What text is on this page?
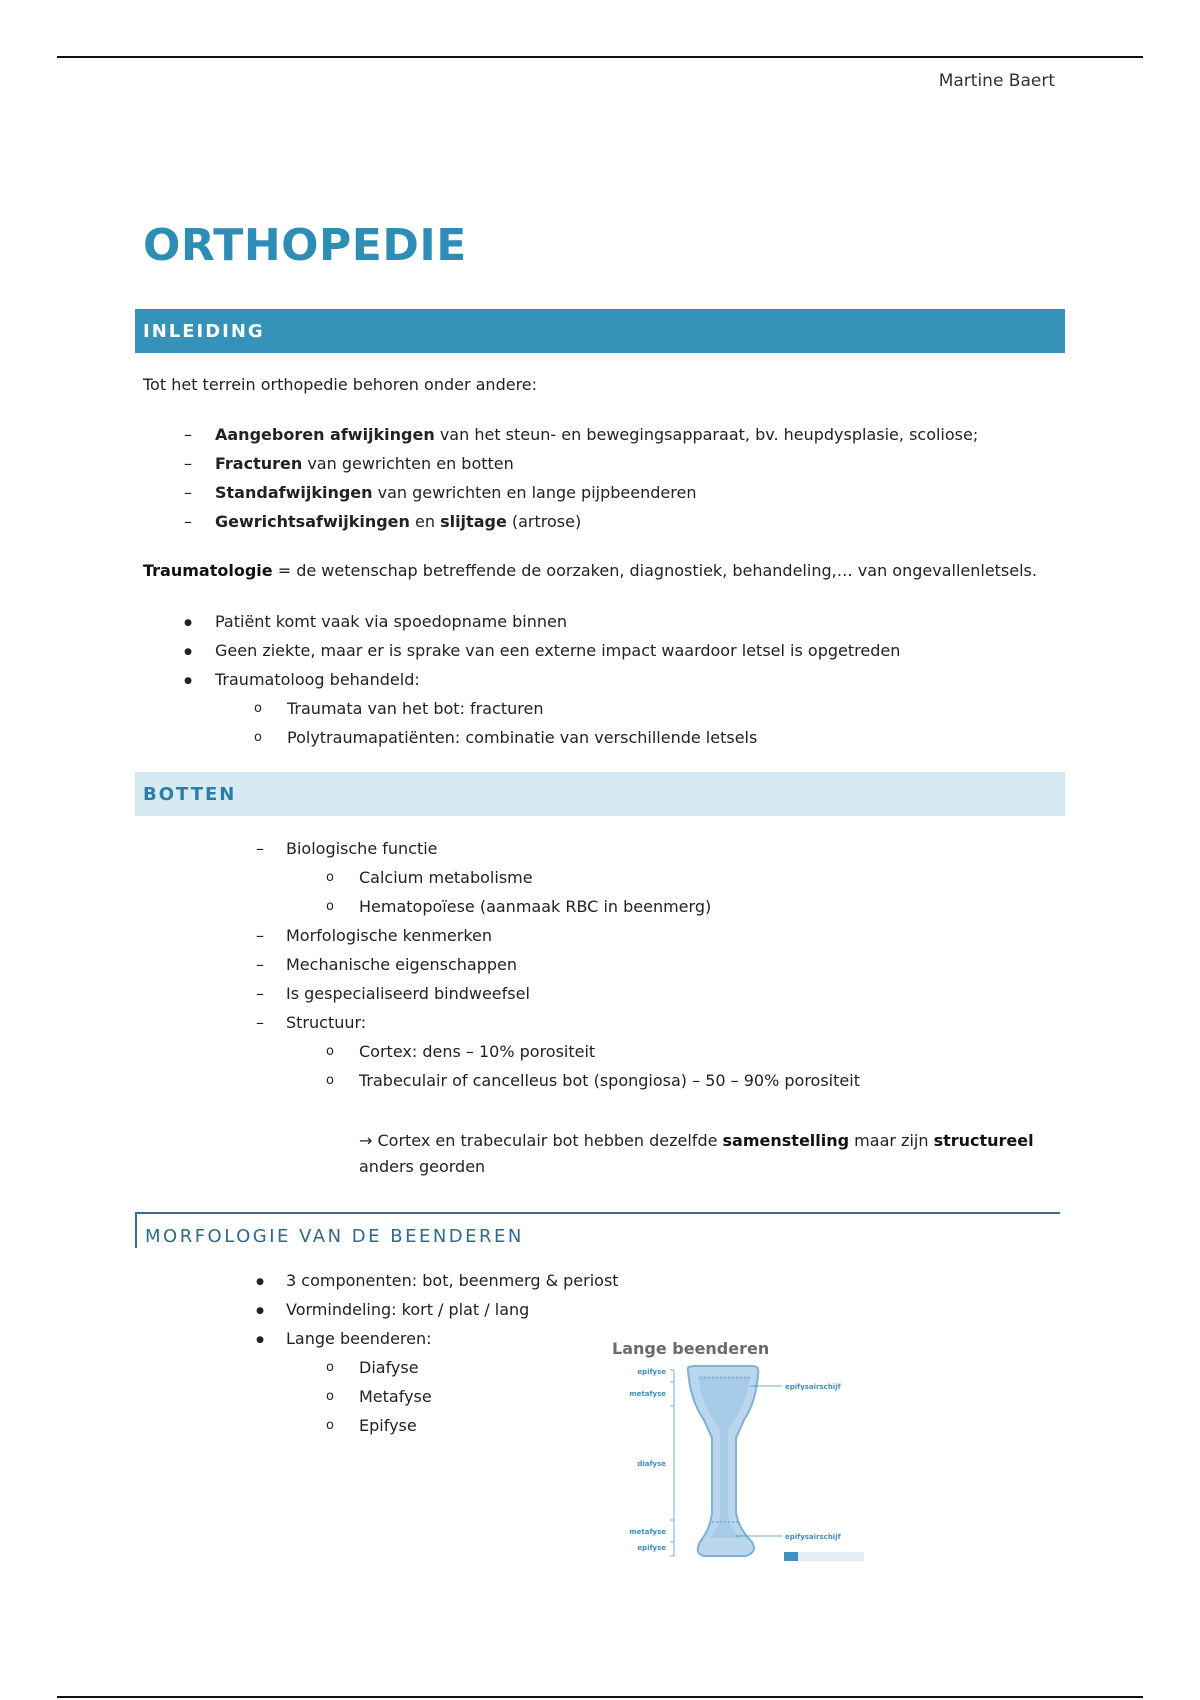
Martine Baert
ORTHOPEDIE
INLEIDING
Tot het terrein orthopedie behoren onder andere:
–	Aangeboren afwijkingen van het steun- en bewegingsapparaat, bv. heupdysplasie, scoliose;
–	Fracturen van gewrichten en botten
–	Standafwijkingen van gewrichten en lange pijpbeenderen
–	Gewrichtsafwijkingen en slijtage (artrose)
Traumatologie = de wetenschap betreffende de oorzaken, diagnostiek, behandeling,… van ongevallenletsels.
●	Patiënt komt vaak via spoedopname binnen
●	Geen ziekte, maar er is sprake van een externe impact waardoor letsel is opgetreden
●	Traumatoloog behandeld:
o	Traumata van het bot: fracturen
o	Polytraumapatiënten: combinatie van verschillende letsels
BOTTEN
–	Biologische functie
o	Calcium metabolisme
o	Hematopoïese (aanmaak RBC in beenmerg)
–	Morfologische kenmerken
–	Mechanische eigenschappen
–	Is gespecialiseerd bindweefsel
–	Structuur:
o	Cortex: dens – 10% porositeit
o	Trabeculair of cancelleus bot (spongiosa) – 50 – 90% porositeit
→ Cortex en trabeculair bot hebben dezelfde samenstelling maar zijn structureel
anders georden
MORFOLOGIE VAN DE BEENDEREN
●	3 componenten: bot, beenmerg & periost
●	Vormindeling: kort / plat / lang
●	Lange beenderen:
o	Diafyse
o	Metafyse
o	Epifyse
Lange beenderen
epifyse
metafyse
diafyse
metafyse
epifyse
epifysairschijf
epifysairschijf
